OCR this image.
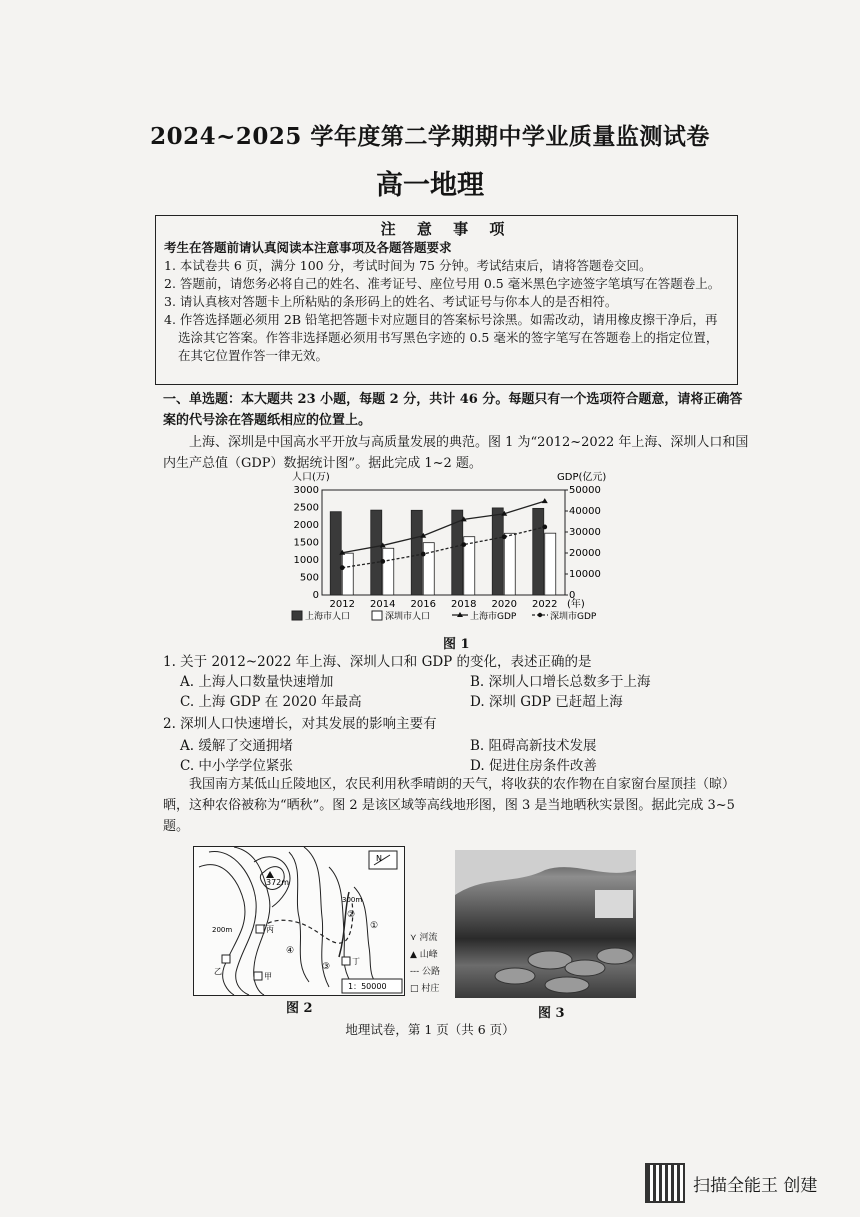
2024~2025 学年度第二学期期中学业质量监测试卷
高一地理
注 意 事 项
考生在答题前请认真阅读本注意事项及各题答题要求
1. 本试卷共 6 页，满分 100 分，考试时间为 75 分钟。考试结束后，请将答题卷交回。
2. 答题前，请您务必将自己的姓名、准考证号、座位号用 0.5 毫米黑色字迹签字笔填写在答题卷上。
3. 请认真核对答题卡上所粘贴的条形码上的姓名、考试证号与你本人的是否相符。
4. 作答选择题必须用 2B 铅笔把答题卡对应题目的答案标号涂黑。如需改动，请用橡皮擦干净后，再选涂其它答案。作答非选择题必须用书写黑色字迹的 0.5 毫米的签字笔写在答题卷上的指定位置，在其它位置作答一律无效。
一、单选题：本大题共 23 小题，每题 2 分，共计 46 分。每题只有一个选项符合题意，请将正确答案的代号涂在答题纸相应的位置上。
上海、深圳是中国高水平开放与高质量发展的典范。图 1 为“2012~2022 年上海、深圳人口和国内生产总值（GDP）数据统计图”。据此完成 1~2 题。
人口(万)	GDP(亿元)
0
500
1000
1500
2000
2500
3000
0
10000
20000
30000
40000
50000
2012 2014 2016 2018 2020 2022 (年)
上海市人口	深圳市人口	上海市GDP	深圳市GDP
图 1
1. 关于 2012~2022 年上海、深圳人口和 GDP 的变化，表述正确的是
A. 上海人口数量快速增加	B. 深圳人口增长总数多于上海
C. 上海 GDP 在 2020 年最高	D. 深圳 GDP 已赶超上海
2. 深圳人口快速增长，对其发展的影响主要有
A. 缓解了交通拥堵	B. 阻碍高新技术发展
C. 中小学学位紧张	D. 促进住房条件改善
我国南方某低山丘陵地区，农民利用秋季晴朗的天气，将收获的农作物在自家窗台屋顶挂（晾）晒，这种农俗被称为“晒秋”。图 2 是该区域等高线地形图，图 3 是当地晒秋实景图。据此完成 3~5 题。
372m
N
300m
200m	丙
甲
乙
丁
①
②
③
④
1：50000
⋎ 河流
▲ 山峰
--- 公路
□ 村庄
图 2	图 3
地理试卷，第 1 页（共 6 页）
扫描全能王 创建
